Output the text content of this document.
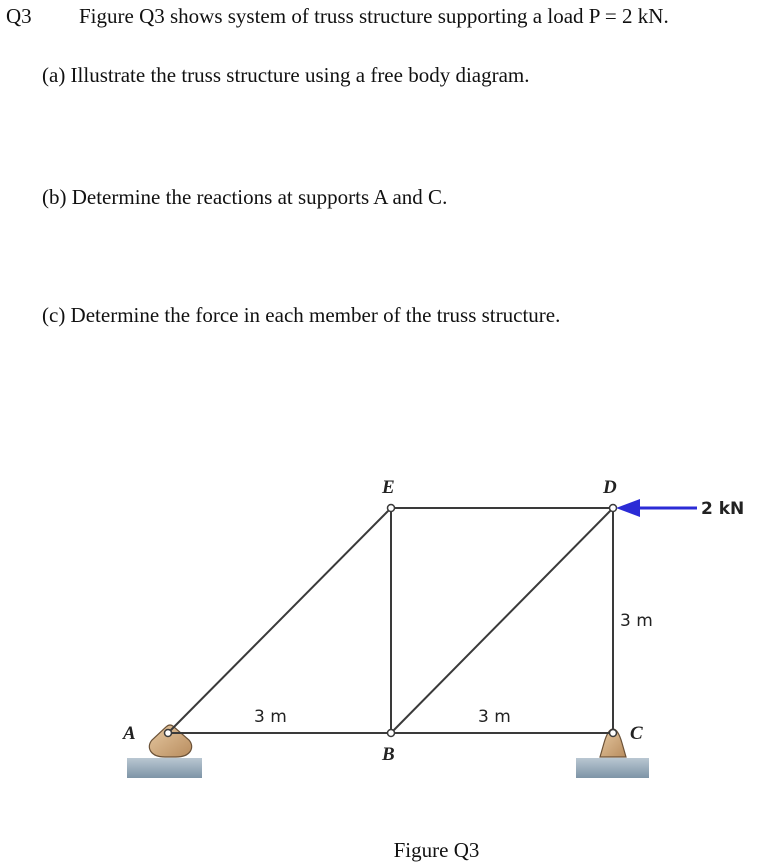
Q3 Figure Q3 shows system of truss structure supporting a load P = 2 kN.
(a) Illustrate the truss structure using a free body diagram.
(b) Determine the reactions at supports A and C.
(c) Determine the force in each member of the truss structure.
E	D
A
B
C
3 m	3 m
3 m
2 kN
Figure Q3
